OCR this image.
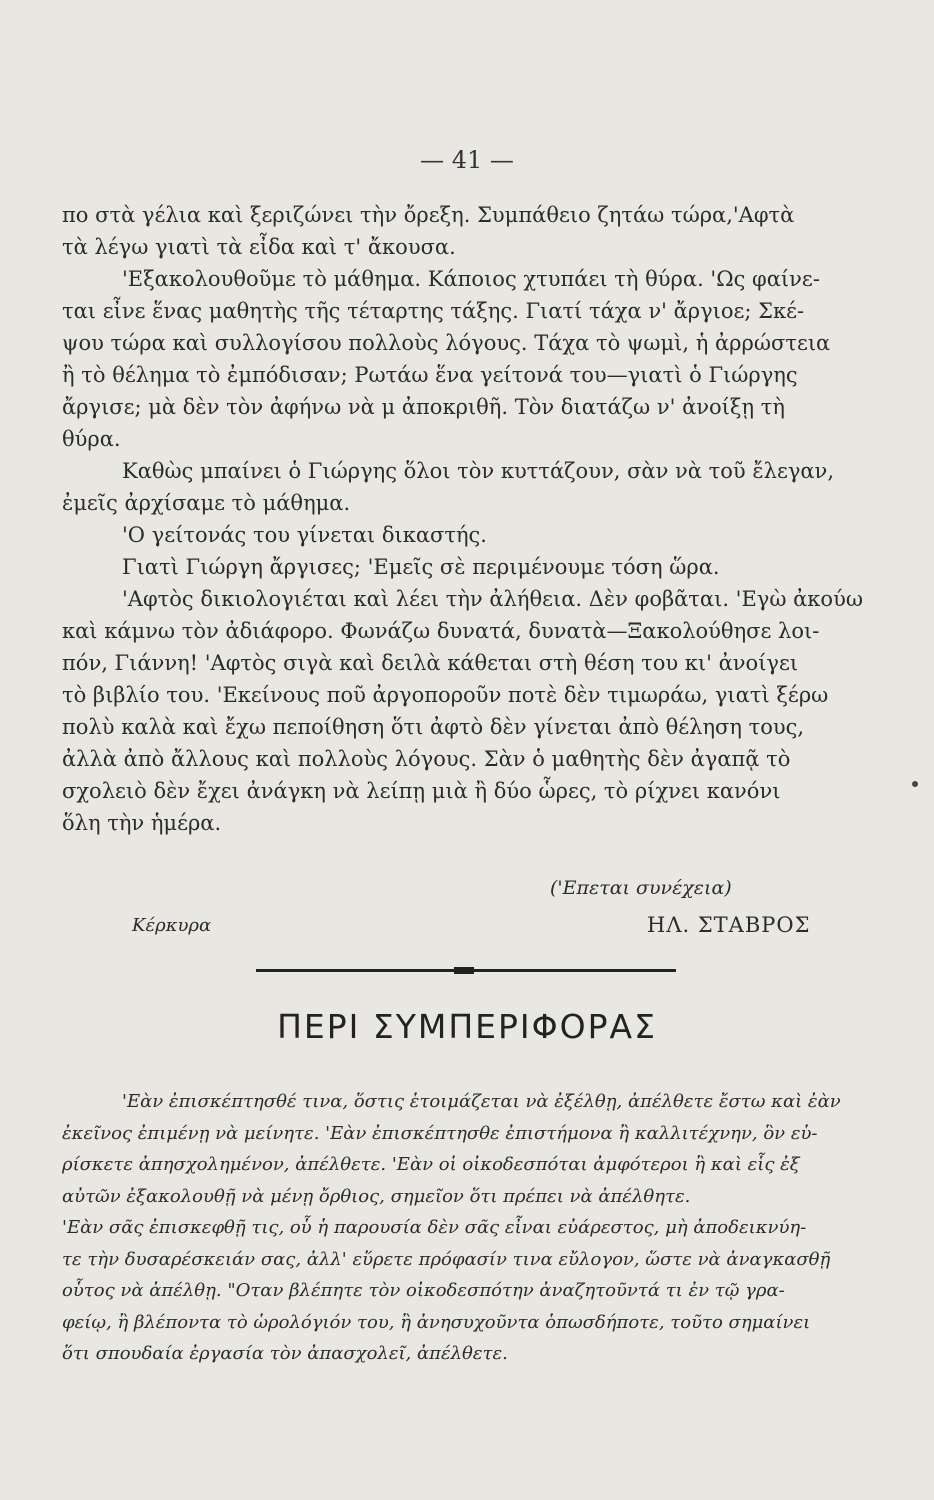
— 41 —
πο στὰ γέλια καὶ ξεριζώνει τὴν ὄρεξη. Συμπάθειο ζητάω τώρα,'Αφτὰ
τὰ λέγω γιατὶ τὰ εἶδα καὶ τ' ἄκουσα.
'Εξακολουθοῦμε τὸ μάθημα. Κάποιος χτυπάει τὴ θύρα. 'Ως φαίνε-
ται εἶνε ἕνας μαθητὴς τῆς τέταρτης τάξης. Γιατί τάχα ν' ἄργιοε; Σκέ-
ψου τώρα καὶ συλλογίσου πολλοὺς λόγους. Τάχα τὸ ψωμὶ, ἡ ἀρρώστεια
ἢ τὸ θέλημα τὸ ἐμπόδισαν; Ρωτάω ἕνα γείτονά του—γιατὶ ὁ Γιώργης
ἄργισε; μὰ δὲν τὸν ἀφήνω νὰ μ ἀποκριθῆ. Τὸν διατάζω ν' ἀνοίξῃ τὴ
θύρα.
Καθὼς μπαίνει ὁ Γιώργης ὅλοι τὸν κυττάζουν, σὰν νὰ τοῦ ἔλεγαν,
ἐμεῖς ἀρχίσαμε τὸ μάθημα.
'Ο γείτονάς του γίνεται δικαστής.
Γιατὶ Γιώργη ἄργισες; 'Εμεῖς σὲ περιμένουμε τόση ὥρα.
'Αφτὸς δικιολογιέται καὶ λέει τὴν ἀλήθεια. Δὲν φοβᾶται. 'Εγὼ ἀκούω
καὶ κάμνω τὸν ἀδιάφορο. Φωνάζω δυνατά, δυνατὰ—Ξακολούθησε λοι-
πόν, Γιάννη! 'Αφτὸς σιγὰ καὶ δειλὰ κάθεται στὴ θέση του κι' ἀνοίγει
τὸ βιβλίο του. 'Εκείνους ποῦ ἀργοποροῦν ποτὲ δὲν τιμωράω, γιατὶ ξέρω
πολὺ καλὰ καὶ ἔχω πεποίθηση ὅτι ἀφτὸ δὲν γίνεται ἀπὸ θέληση τους,
ἀλλὰ ἀπὸ ἄλλους καὶ πολλοὺς λόγους. Σὰν ὁ μαθητὴς δὲν ἀγαπᾷ τὸ
σχολειὸ δὲν ἔχει ἀνάγκη νὰ λείπῃ μιὰ ἢ δύο ὧρες, τὸ ρίχνει κανόνι
ὅλη τὴν ἡμέρα.
('Επεται συνέχεια)
Κέρκυρα	ΗΛ. ΣΤΑΒΡΟΣ
ΠΕΡΙ ΣΥΜΠΕΡΙΦΟΡΑΣ
'Εὰν ἐπισκέπτησθέ τινα, ὅστις ἑτοιμάζεται νὰ ἐξέλθῃ, ἀπέλθετε ἔστω καὶ ἐὰν
ἐκεῖνος ἐπιμένῃ νὰ μείνητε. 'Εὰν ἐπισκέπτησθε ἐπιστήμονα ἢ καλλιτέχνην, ὃν εὑ-
ρίσκετε ἀπησχολημένον, ἀπέλθετε. 'Εὰν οἱ οἰκοδεσπόται ἀμφότεροι ἢ καὶ εἷς ἐξ
αὐτῶν ἐξακολουθῇ νὰ μένῃ ὄρθιος, σημεῖον ὅτι πρέπει νὰ ἀπέλθητε.
'Εὰν σᾶς ἐπισκεφθῇ τις, οὗ ἡ παρουσία δὲν σᾶς εἶναι εὐάρεστος, μὴ ἀποδεικνύη-
τε τὴν δυσαρέσκειάν σας, ἀλλ' εὕρετε πρόφασίν τινα εὔλογον, ὥστε νὰ ἀναγκασθῇ
οὗτος νὰ ἀπέλθῃ. "Οταν βλέπητε τὸν οἰκοδεσπότην ἀναζητοῦντά τι ἐν τῷ γρα-
φείῳ, ἢ βλέποντα τὸ ὡρολόγιόν του, ἢ ἀνησυχοῦντα ὁπωσδήποτε, τοῦτο σημαίνει
ὅτι σπουδαία ἐργασία τὸν ἀπασχολεῖ, ἀπέλθετε.
